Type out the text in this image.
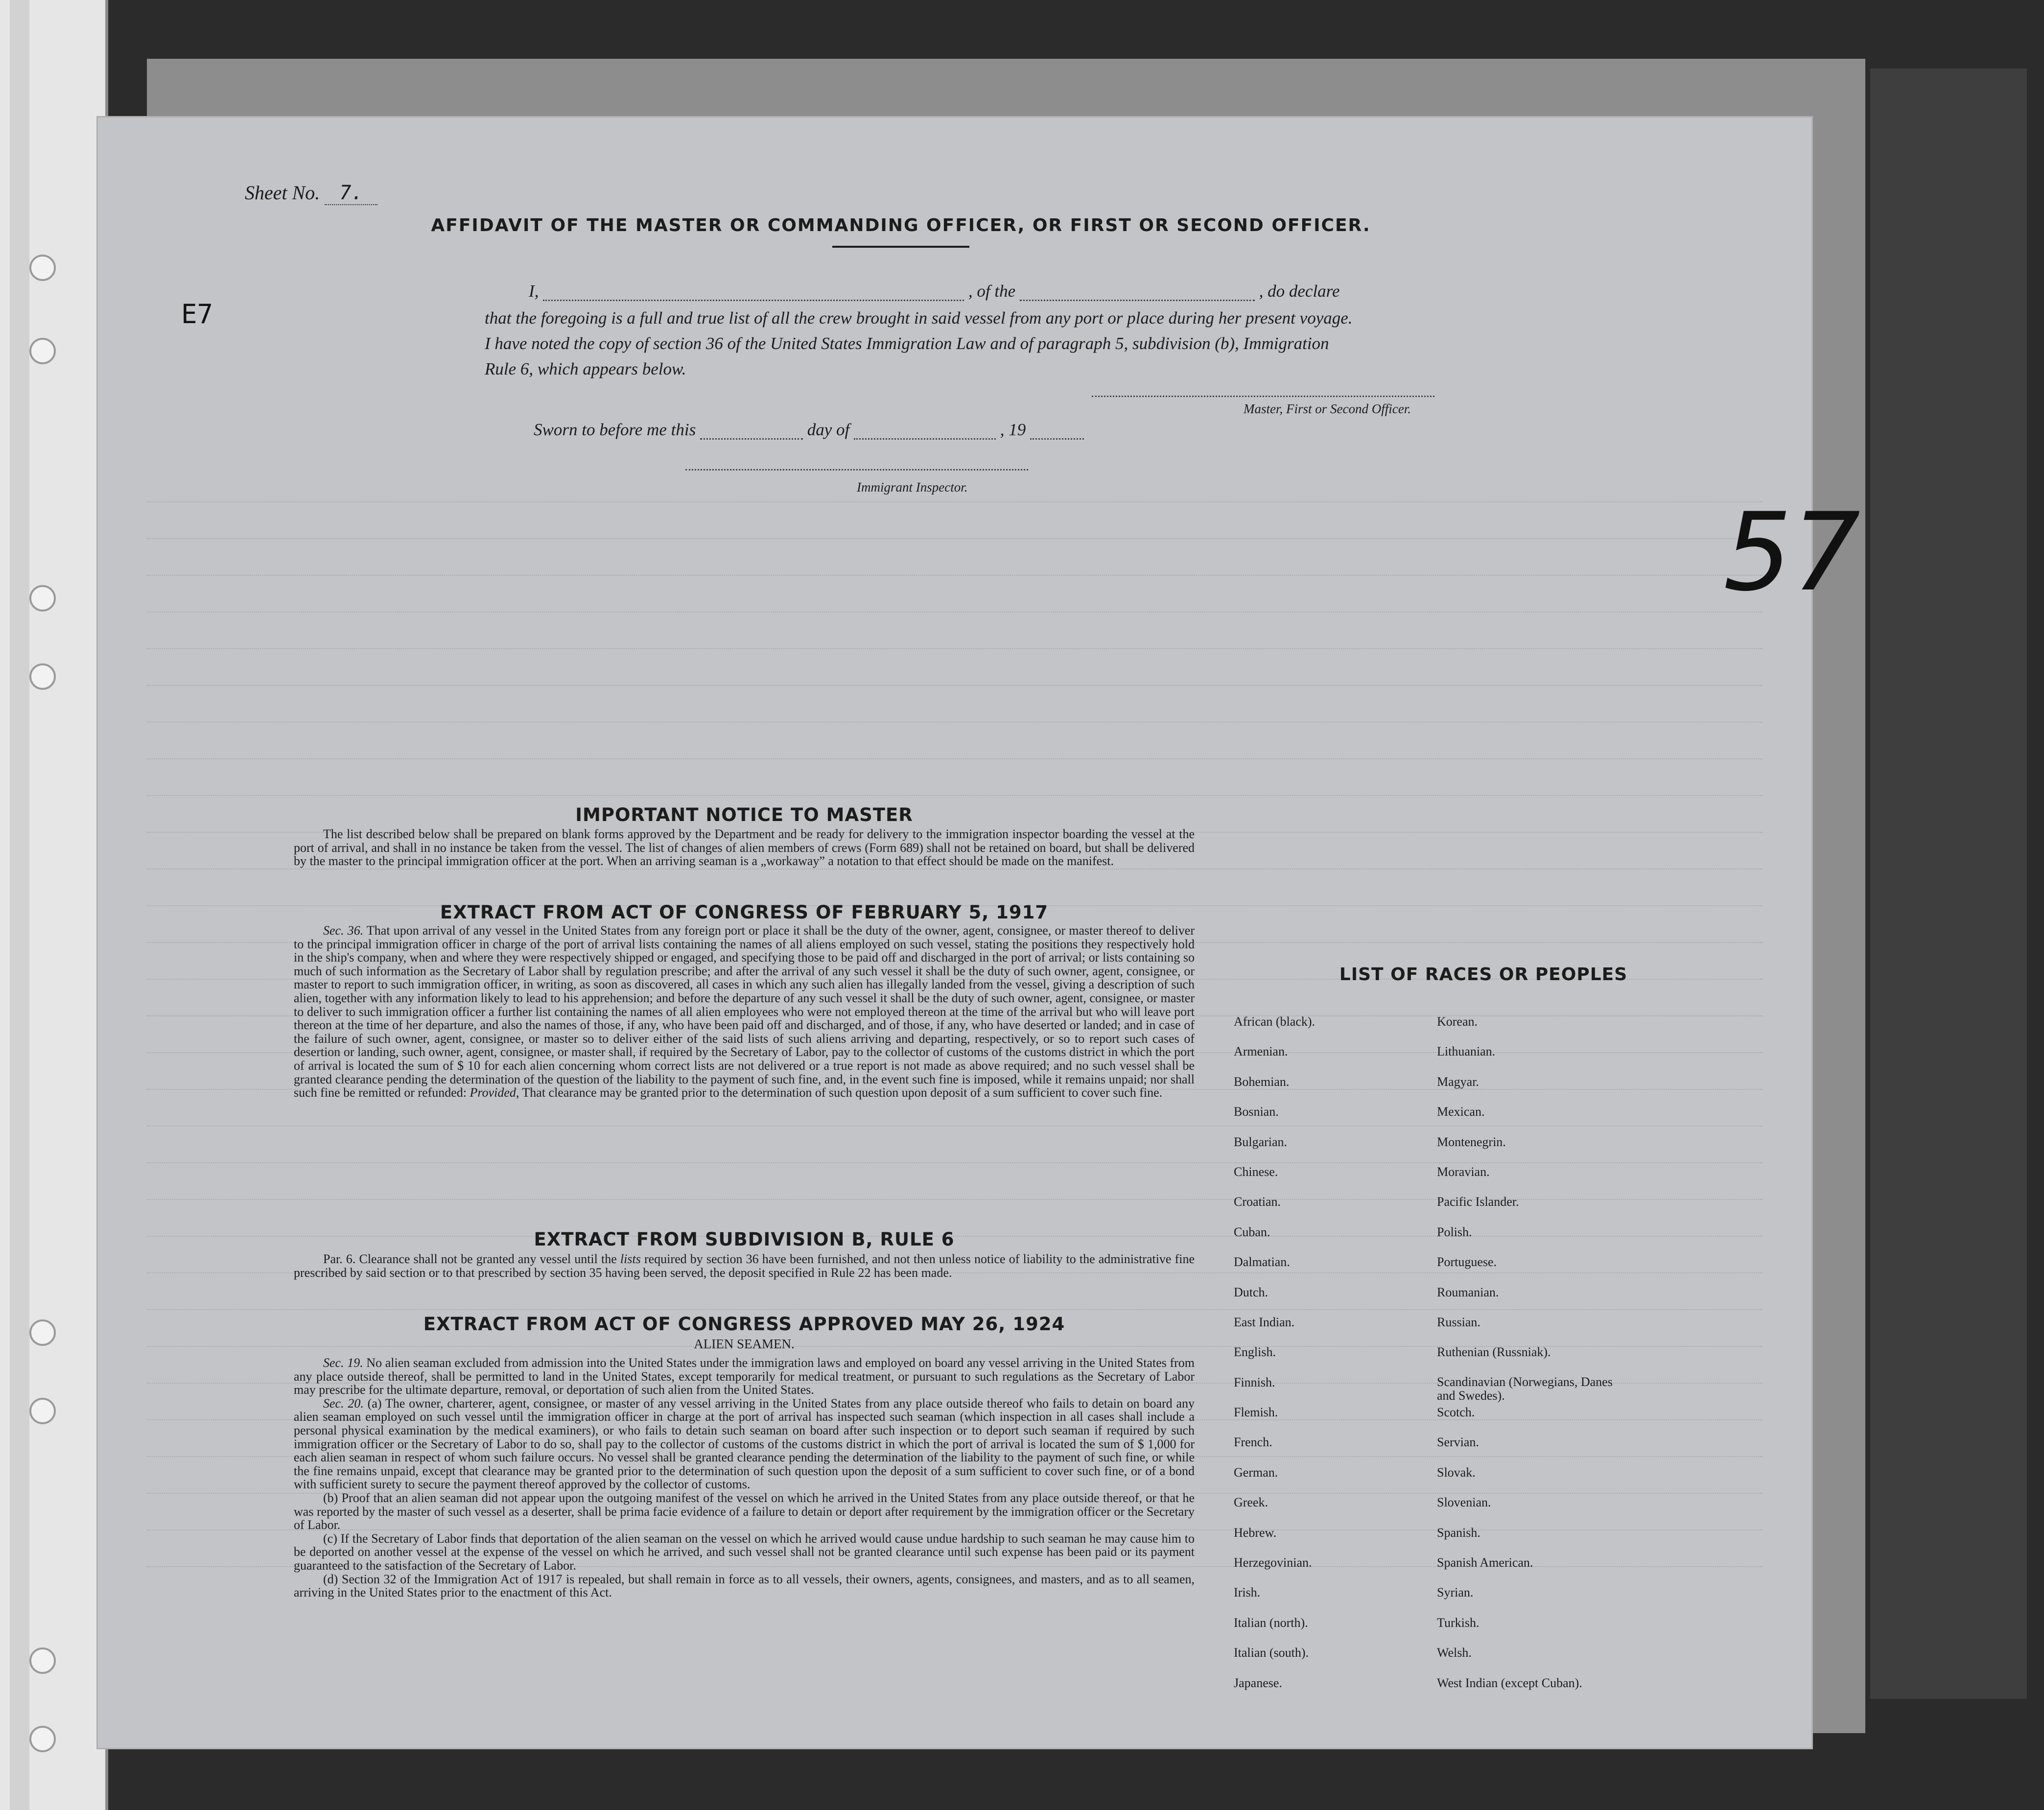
Sheet No. 7.
E7
57
AFFIDAVIT OF THE MASTER OR COMMANDING OFFICER, OR FIRST OR SECOND OFFICER.
I,	, of the	, do declare
that the foregoing is a full and true list of all the crew brought in said vessel from any port or place during her present voyage.
I have noted the copy of section 36 of the United States Immigration Law and of paragraph 5, subdivision (b), Immigration
Rule 6, which appears below.
Master, First or Second Officer.
Sworn to before me this	day of	, 19
Immigrant Inspector.
IMPORTANT NOTICE TO MASTER
The list described below shall be prepared on blank forms approved by the Department and be ready for delivery to the immigration inspector boarding the vessel at the port of arrival, and shall in no instance be taken from the vessel. The list of changes of alien members of crews (Form 689) shall not be retained on board, but shall be delivered by the master to the principal immigration officer at the port. When an arriving seaman is a „workaway” a notation to that effect should be made on the manifest.
EXTRACT FROM ACT OF CONGRESS OF FEBRUARY 5, 1917
Sec. 36. That upon arrival of any vessel in the United States from any foreign port or place it shall be the duty of the owner, agent, consignee, or master thereof to deliver to the principal immigration officer in charge of the port of arrival lists containing the names of all aliens employed on such vessel, stating the positions they respectively hold in the ship's company, when and where they were respectively shipped or engaged, and specifying those to be paid off and discharged in the port of arrival; or lists containing so much of such information as the Secretary of Labor shall by regulation prescribe; and after the arrival of any such vessel it shall be the duty of such owner, agent, consignee, or master to report to such immigration officer, in writing, as soon as discovered, all cases in which any such alien has illegally landed from the vessel, giving a description of such alien, together with any information likely to lead to his apprehension; and before the departure of any such vessel it shall be the duty of such owner, agent, consignee, or master to deliver to such immigration officer a further list containing the names of all alien employees who were not employed thereon at the time of the arrival but who will leave port thereon at the time of her departure, and also the names of those, if any, who have been paid off and discharged, and of those, if any, who have deserted or landed; and in case of the failure of such owner, agent, consignee, or master so to deliver either of the said lists of such aliens arriving and departing, respectively, or so to report such cases of desertion or landing, such owner, agent, consignee, or master shall, if required by the Secretary of Labor, pay to the collector of customs of the customs district in which the port of arrival is located the sum of $ 10 for each alien concerning whom correct lists are not delivered or a true report is not made as above required; and no such vessel shall be granted clearance pending the determination of the question of the liability to the payment of such fine, and, in the event such fine is imposed, while it remains unpaid; nor shall such fine be remitted or refunded: Provided, That clearance may be granted prior to the determination of such question upon deposit of a sum sufficient to cover such fine.
EXTRACT FROM SUBDIVISION B, RULE 6
Par. 6. Clearance shall not be granted any vessel until the lists required by section 36 have been furnished, and not then unless notice of liability to the administrative fine prescribed by said section or to that prescribed by section 35 having been served, the deposit specified in Rule 22 has been made.
EXTRACT FROM ACT OF CONGRESS APPROVED MAY 26, 1924
ALIEN SEAMEN.
Sec. 19. No alien seaman excluded from admission into the United States under the immigration laws and employed on board any vessel arriving in the United States from any place outside thereof, shall be permitted to land in the United States, except temporarily for medical treatment, or pursuant to such regulations as the Secretary of Labor may prescribe for the ultimate departure, removal, or deportation of such alien from the United States.
Sec. 20. (a) The owner, charterer, agent, consignee, or master of any vessel arriving in the United States from any place outside thereof who fails to detain on board any alien seaman employed on such vessel until the immigration officer in charge at the port of arrival has inspected such seaman (which inspection in all cases shall include a personal physical examination by the medical examiners), or who fails to detain such seaman on board after such inspection or to deport such seaman if required by such immigration officer or the Secretary of Labor to do so, shall pay to the collector of customs of the customs district in which the port of arrival is located the sum of $ 1,000 for each alien seaman in respect of whom such failure occurs. No vessel shall be granted clearance pending the determination of the liability to the payment of such fine, or while the fine remains unpaid, except that clearance may be granted prior to the determination of such question upon the deposit of a sum sufficient to cover such fine, or of a bond with sufficient surety to secure the payment thereof approved by the collector of customs.
(b) Proof that an alien seaman did not appear upon the outgoing manifest of the vessel on which he arrived in the United States from any place outside thereof, or that he was reported by the master of such vessel as a deserter, shall be prima facie evidence of a failure to detain or deport after requirement by the immigration officer or the Secretary of Labor.
(c) If the Secretary of Labor finds that deportation of the alien seaman on the vessel on which he arrived would cause undue hardship to such seaman he may cause him to be deported on another vessel at the expense of the vessel on which he arrived, and such vessel shall not be granted clearance until such expense has been paid or its payment guaranteed to the satisfaction of the Secretary of Labor.
(d) Section 32 of the Immigration Act of 1917 is repealed, but shall remain in force as to all vessels, their owners, agents, consignees, and masters, and as to all seamen, arriving in the United States prior to the enactment of this Act.
LIST OF RACES OR PEOPLES
African (black).
Armenian.
Bohemian.
Bosnian.
Bulgarian.
Chinese.
Croatian.
Cuban.
Dalmatian.
Dutch.
East Indian.
English.
Finnish.
Flemish.
French.
German.
Greek.
Hebrew.
Herzegovinian.
Irish.
Italian (north).
Italian (south).
Japanese.
Korean.
Lithuanian.
Magyar.
Mexican.
Montenegrin.
Moravian.
Pacific Islander.
Polish.
Portuguese.
Roumanian.
Russian.
Ruthenian (Russniak).
Scandinavian (Norwegians, Danes and Swedes).
Scotch.
Servian.
Slovak.
Slovenian.
Spanish.
Spanish American.
Syrian.
Turkish.
Welsh.
West Indian (except Cuban).
